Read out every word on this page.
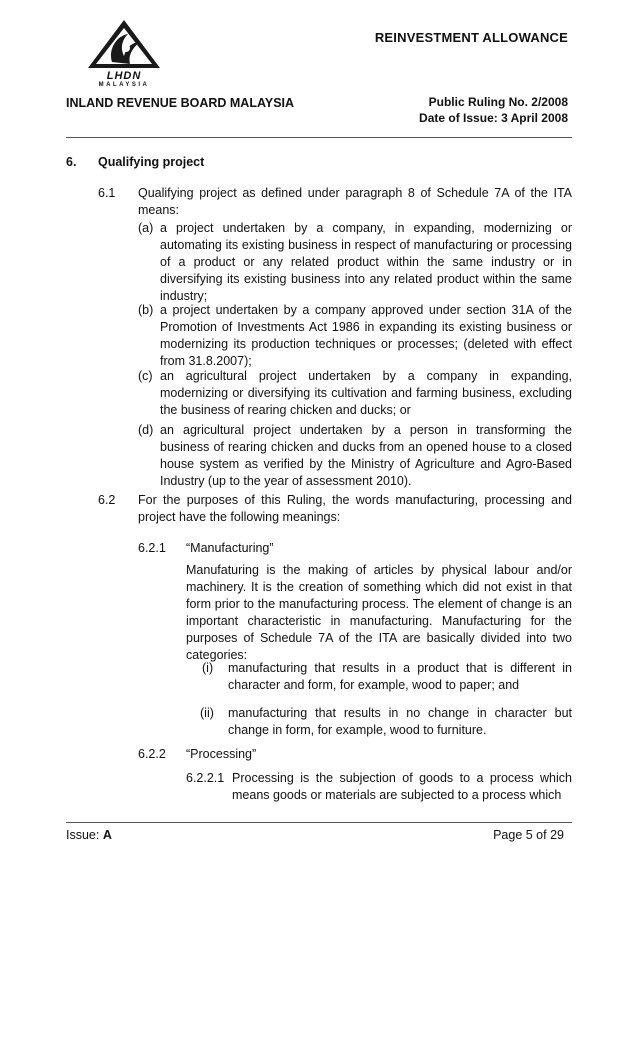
REINVESTMENT ALLOWANCE
LHDN
MALAYSIA
INLAND REVENUE BOARD MALAYSIA	Public Ruling No. 2/2008
Date of Issue: 3 April 2008
6. Qualifying project
6.1 Qualifying project as defined under paragraph 8 of Schedule 7A of the ITA means:
(a) a project undertaken by a company, in expanding, modernizing or automating its existing business in respect of manufacturing or processing of a product or any related product within the same industry or in diversifying its existing business into any related product within the same industry;
(b) a project undertaken by a company approved under section 31A of the Promotion of Investments Act 1986 in expanding its existing business or modernizing its production techniques or processes; (deleted with effect from 31.8.2007);
(c) an agricultural project undertaken by a company in expanding, modernizing or diversifying its cultivation and farming business, excluding the business of rearing chicken and ducks; or
(d) an agricultural project undertaken by a person in transforming the business of rearing chicken and ducks from an opened house to a closed house system as verified by the Ministry of Agriculture and Agro-Based Industry (up to the year of assessment 2010).
6.2 For the purposes of this Ruling, the words manufacturing, processing and project have the following meanings:
6.2.1 “Manufacturing”
Manufaturing is the making of articles by physical labour and/or machinery. It is the creation of something which did not exist in that form prior to the manufacturing process. The element of change is an important characteristic in manufacturing. Manufacturing for the purposes of Schedule 7A of the ITA are basically divided into two categories:
(i) manufacturing that results in a product that is different in character and form, for example, wood to paper; and
(ii) manufacturing that results in no change in character but change in form, for example, wood to furniture.
6.2.2 “Processing”
6.2.2.1 Processing is the subjection of goods to a process which means goods or materials are subjected to a process which
Issue: A	Page 5 of 29
